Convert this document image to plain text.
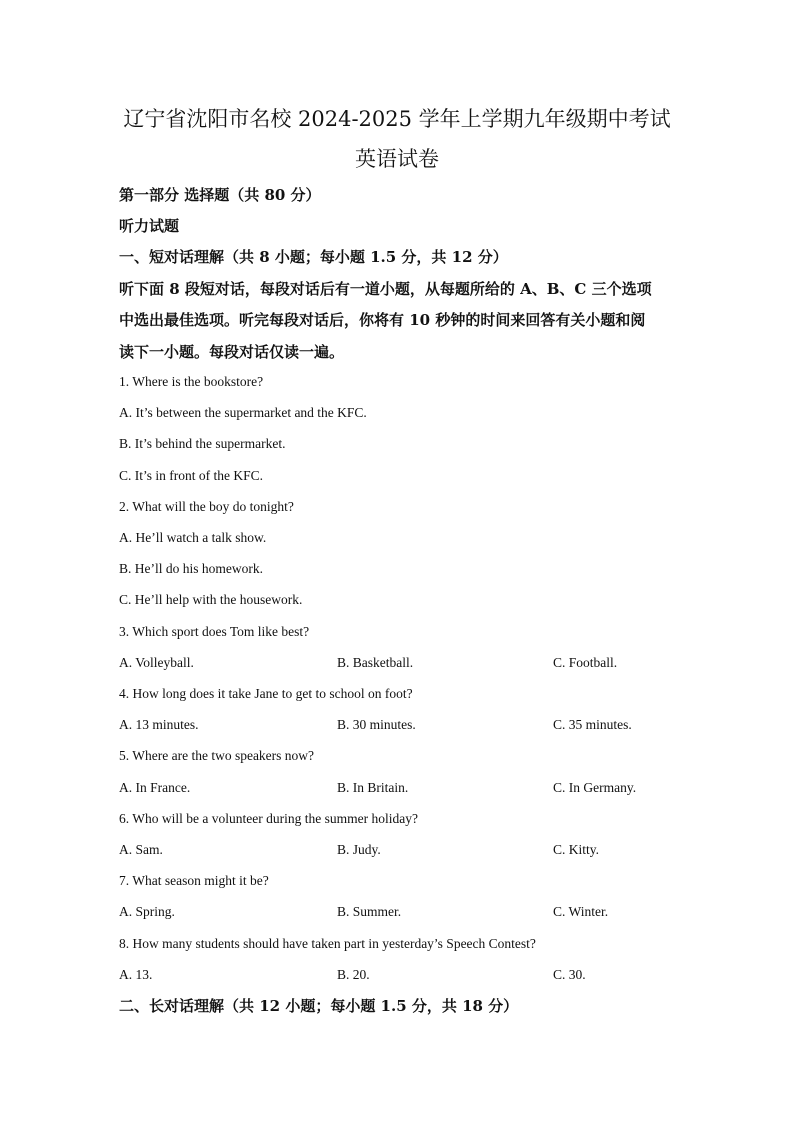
辽宁省沈阳市名校 2024-2025 学年上学期九年级期中考试
英语试卷
第一部分 选择题（共 80 分）
听力试题
一、短对话理解（共 8 小题；每小题 1.5 分，共 12 分）
听下面 8 段短对话，每段对话后有一道小题，从每题所给的 A、B、C 三个选项
中选出最佳选项。听完每段对话后，你将有 10 秒钟的时间来回答有关小题和阅
读下一小题。每段对话仅读一遍。
1. Where is the bookstore?
A. It’s between the supermarket and the KFC.
B. It’s behind the supermarket.
C. It’s in front of the KFC.
2. What will the boy do tonight?
A. He’ll watch a talk show.
B. He’ll do his homework.
C. He’ll help with the housework.
3. Which sport does Tom like best?
A. Volleyball.	B. Basketball.	C. Football.
4. How long does it take Jane to get to school on foot?
A. 13 minutes.	B. 30 minutes.	C. 35 minutes.
5. Where are the two speakers now?
A. In France.	B. In Britain.	C. In Germany.
6. Who will be a volunteer during the summer holiday?
A. Sam.	B. Judy.	C. Kitty.
7. What season might it be?
A. Spring.	B. Summer.	C. Winter.
8. How many students should have taken part in yesterday’s Speech Contest?
A. 13.	B. 20.	C. 30.
二、长对话理解（共 12 小题；每小题 1.5 分，共 18 分）
